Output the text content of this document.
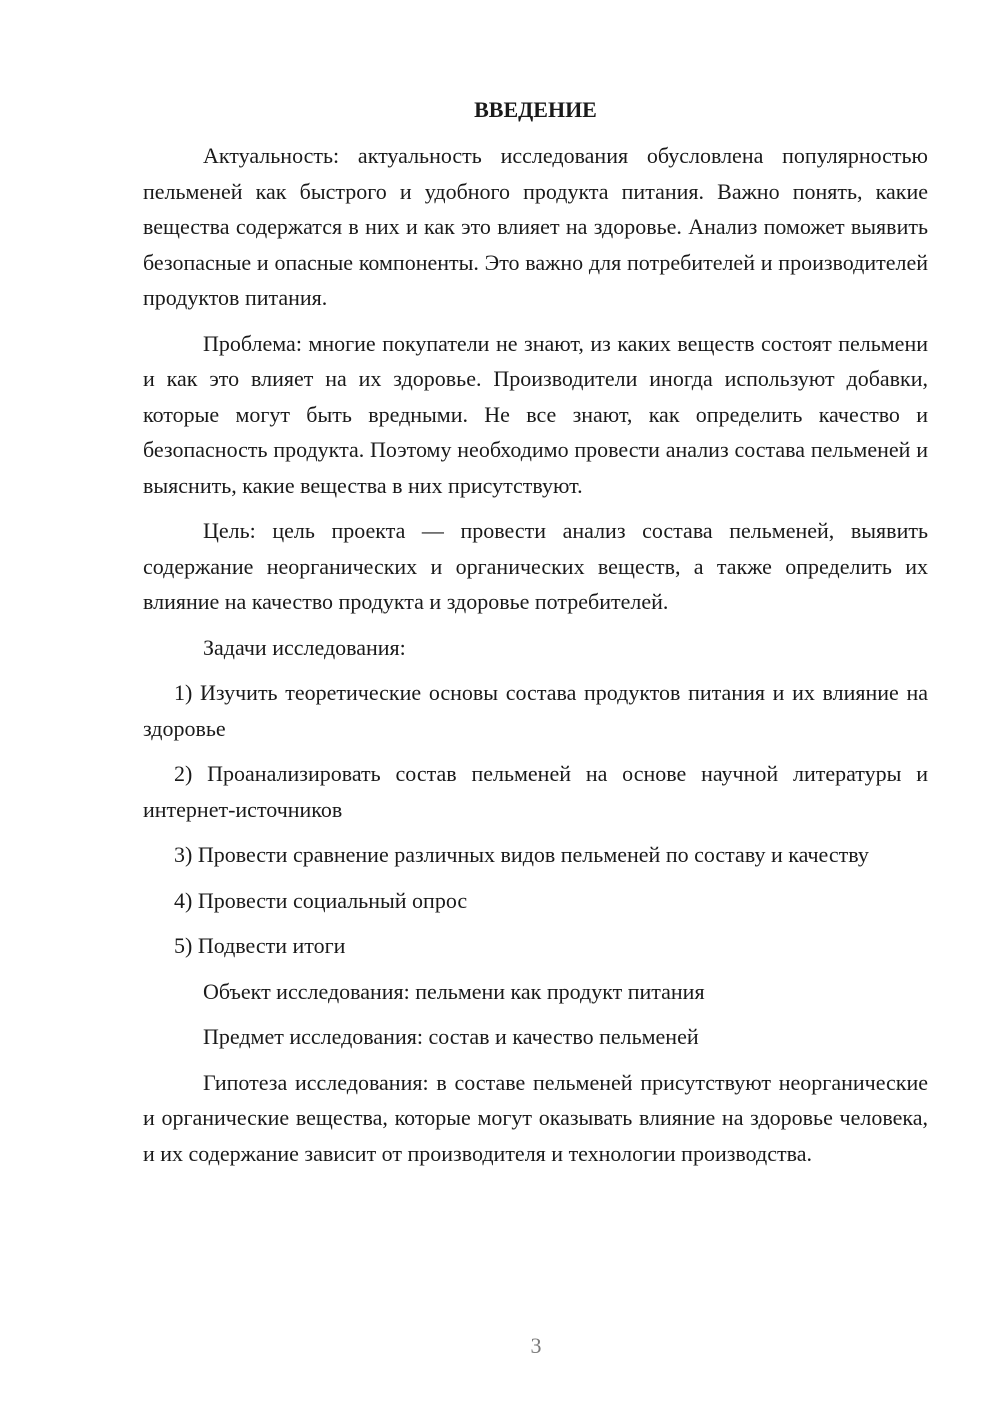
ВВЕДЕНИЕ

Актуальность: актуальность исследования обусловлена популярностью пельменей как быстрого и удобного продукта питания. Важно понять, какие вещества содержатся в них и как это влияет на здоровье. Анализ поможет выявить безопасные и опасные компоненты. Это важно для потребителей и производителей продуктов питания.

Проблема: многие покупатели не знают, из каких веществ состоят пельмени и как это влияет на их здоровье. Производители иногда используют добавки, которые могут быть вредными. Не все знают, как определить качество и безопасность продукта. Поэтому необходимо провести анализ состава пельменей и выяснить, какие вещества в них присутствуют.

Цель: цель проекта — провести анализ состава пельменей, выявить содержание неорганических и органических веществ, а также определить их влияние на качество продукта и здоровье потребителей.

Задачи исследования:

1) Изучить теоретические основы состава продуктов питания и их влияние на здоровье

2) Проанализировать состав пельменей на основе научной литературы и интернет-источников

3) Провести сравнение различных видов пельменей по составу и качеству

4) Провести социальный опрос

5) Подвести итоги

Объект исследования: пельмени как продукт питания

Предмет исследования: состав и качество пельменей

Гипотеза исследования: в составе пельменей присутствуют неорганические и органические вещества, которые могут оказывать влияние на здоровье человека, и их содержание зависит от производителя и технологии производства.

3
